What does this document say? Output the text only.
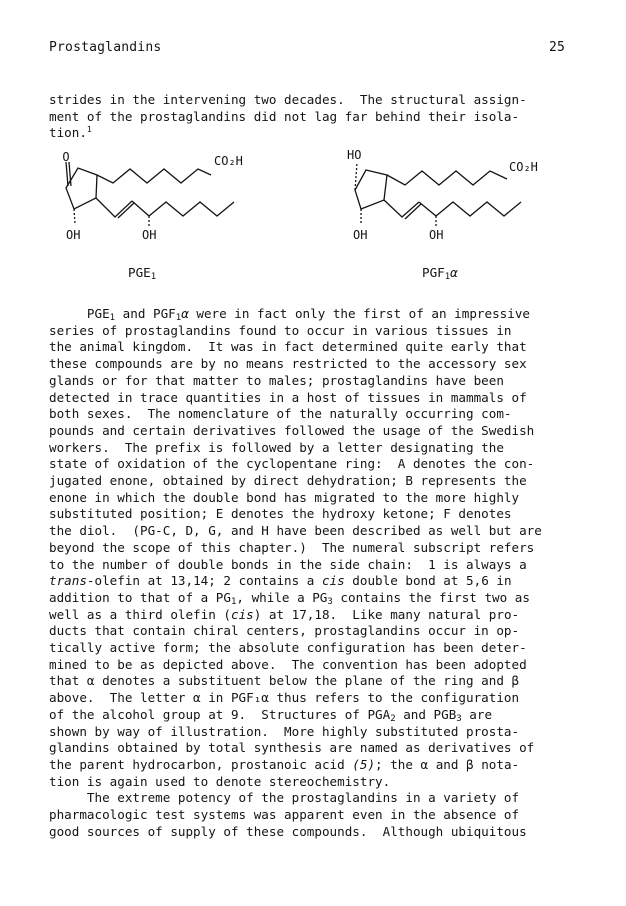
Prostaglandins	25
strides in the intervening two decades.  The structural assign-
ment of the prostaglandins did not lag far behind their isola-
tion.$^1$
O	CO₂H
OH	OH
HO
CO₂H
OH	OH
$PGE_1$	$PGF_1\alpha$
$PGE_1$ and $PGF_1\alpha$ were in fact only the first of an impressive
series of prostaglandins found to occur in various tissues in
the animal kingdom.  It was in fact determined quite early that
these compounds are by no means restricted to the accessory sex
glands or for that matter to males; prostaglandins have been
detected in trace quantities in a host of tissues in mammals of
both sexes.  The nomenclature of the naturally occurring com-
pounds and certain derivatives followed the usage of the Swedish
workers.  The prefix is followed by a letter designating the
state of oxidation of the cyclopentane ring:  A denotes the con-
jugated enone, obtained by direct dehydration; B represents the
enone in which the double bond has migrated to the more highly
substituted position; E denotes the hydroxy ketone; F denotes
the diol.  (PG-C, D, G, and H have been described as well but are
beyond the scope of this chapter.)  The numeral subscript refers
to the number of double bonds in the side chain:  1 is always a
trans-olefin at 13,14; 2 contains a cis double bond at 5,6 in
addition to that of a $PG_1$, while a $PG_3$ contains the first two as
well as a third olefin (cis) at 17,18.  Like many natural pro-
ducts that contain chiral centers, prostaglandins occur in op-
tically active form; the absolute configuration has been deter-
mined to be as depicted above.  The convention has been adopted
that α denotes a substituent below the plane of the ring and β
above.  The letter α in PGF₁α thus refers to the configuration
of the alcohol group at 9.  Structures of $PGA_2$ and $PGB_3$ are
shown by way of illustration.  More highly substituted prosta-
glandins obtained by total synthesis are named as derivatives of
the parent hydrocarbon, prostanoic acid (5); the α and β nota-
tion is again used to denote stereochemistry.
The extreme potency of the prostaglandins in a variety of
pharmacologic test systems was apparent even in the absence of
good sources of supply of these compounds.  Although ubiquitous
